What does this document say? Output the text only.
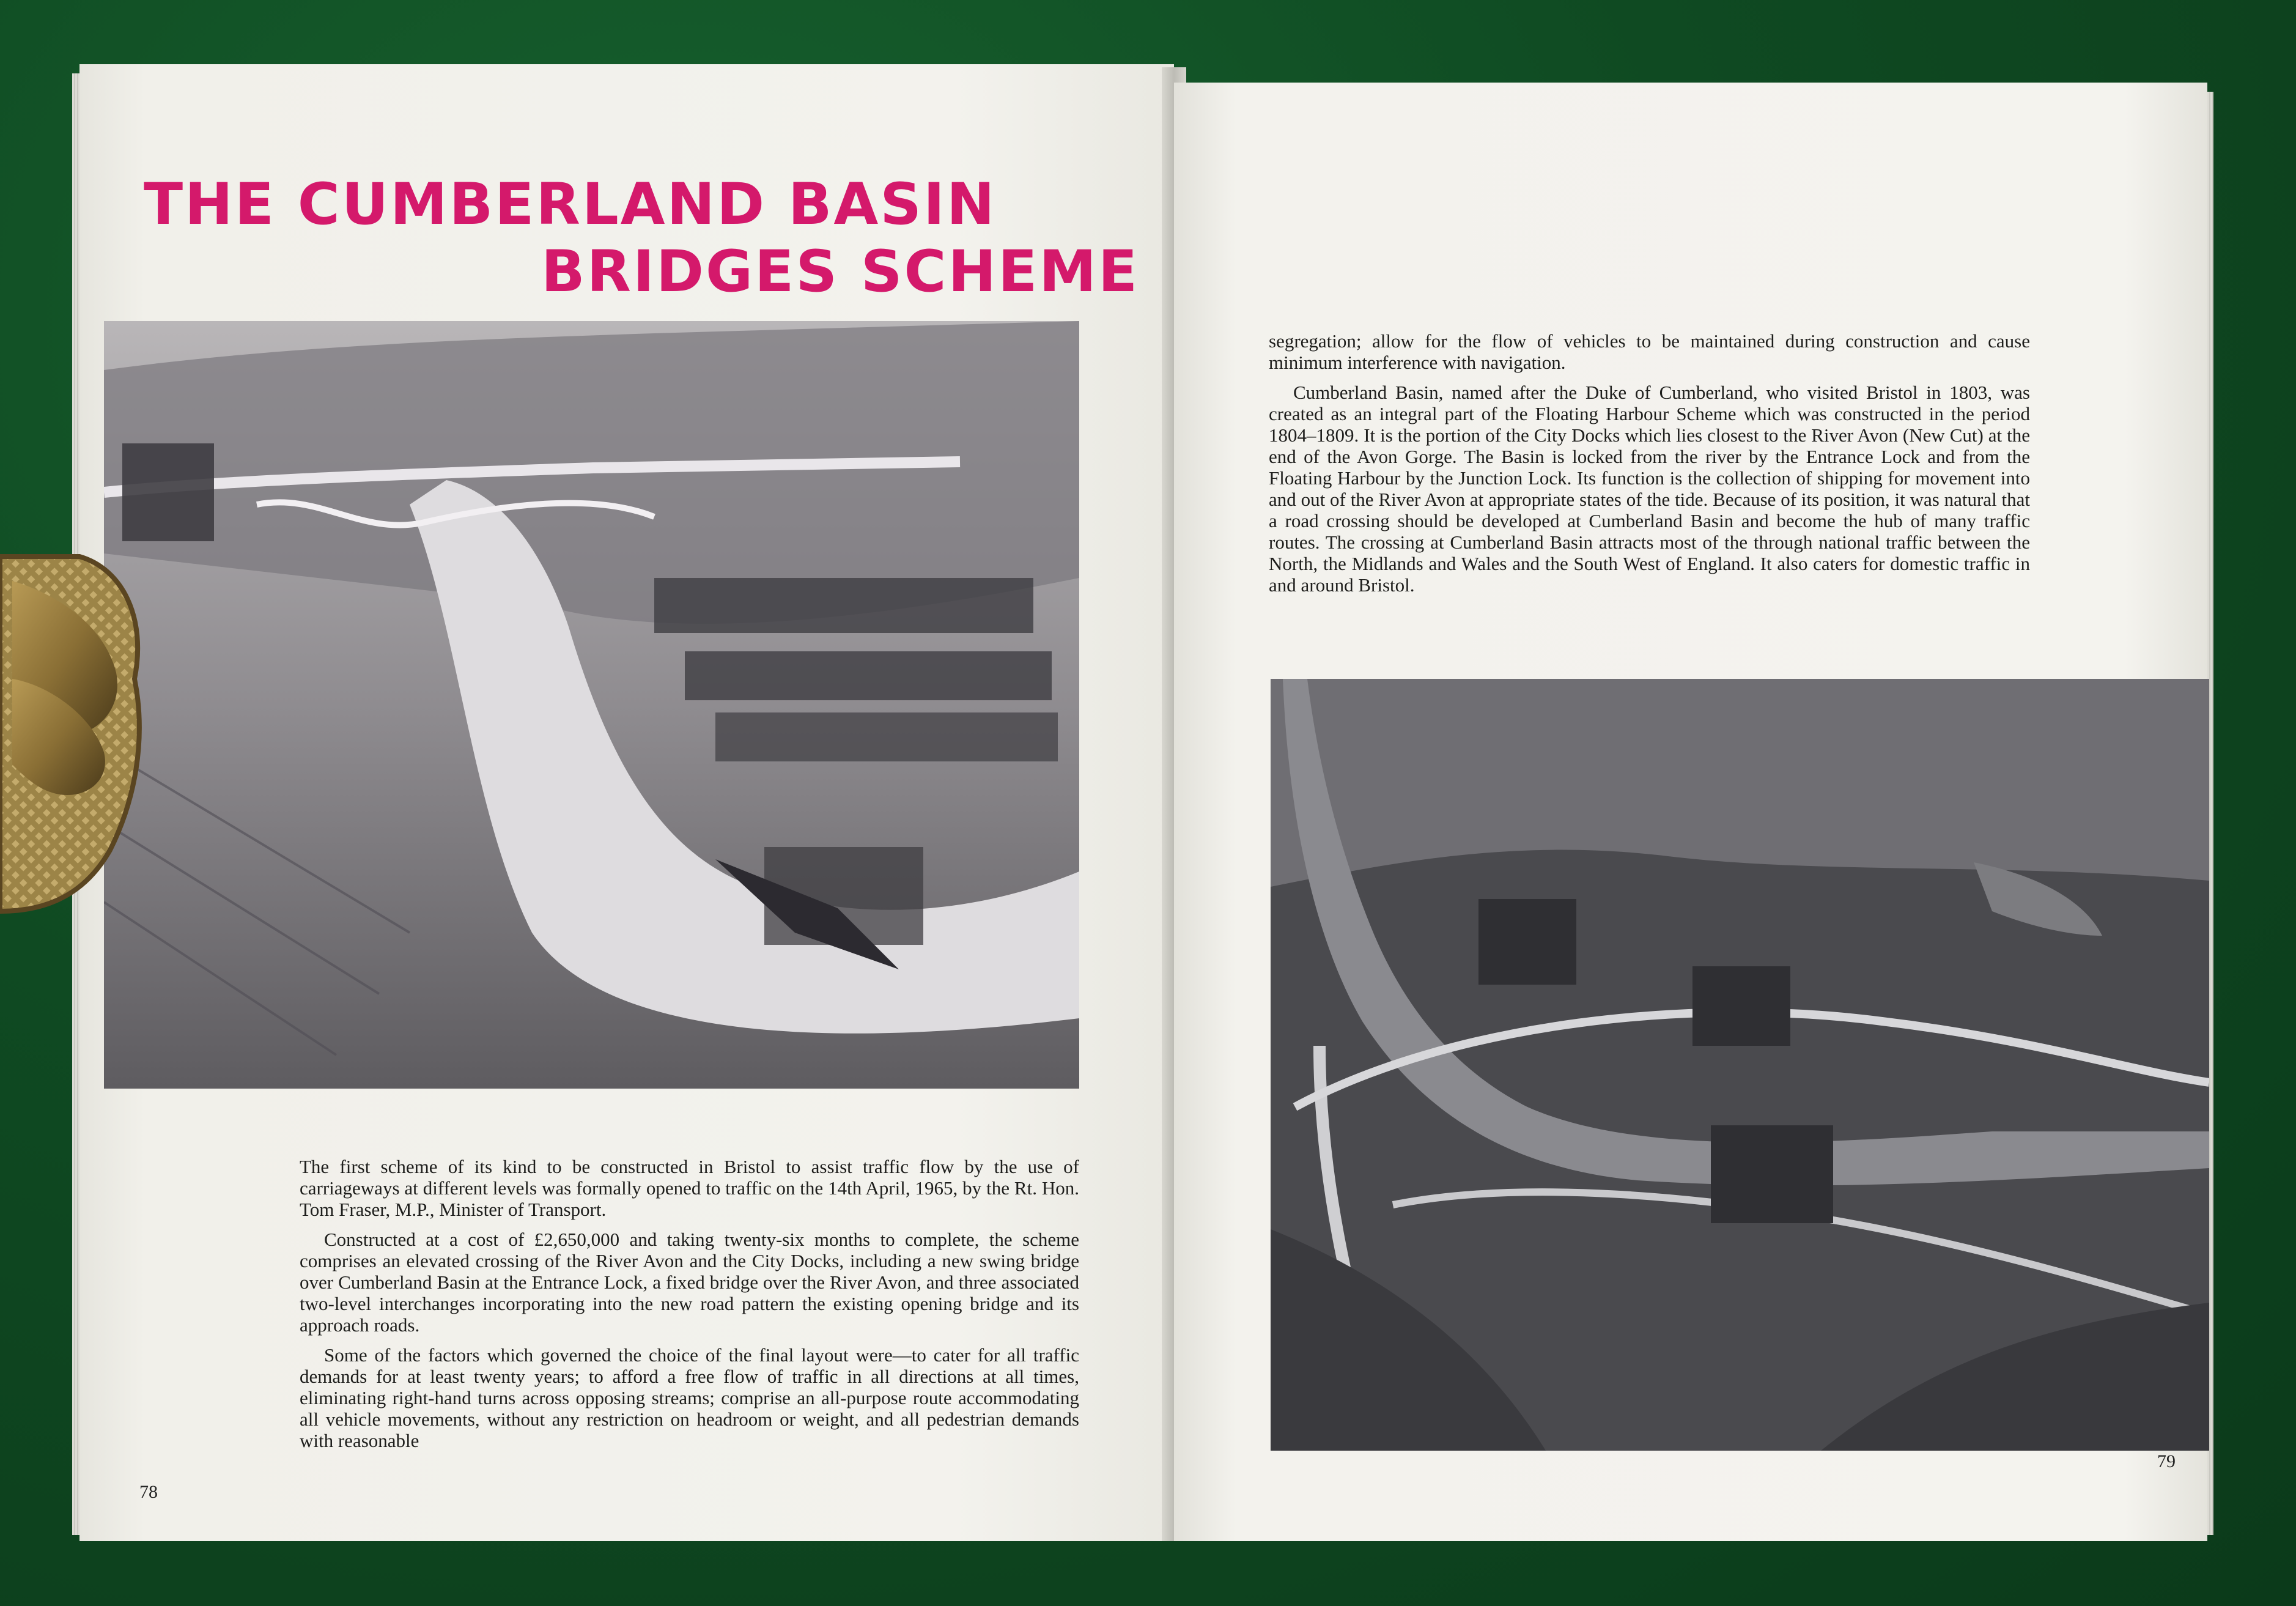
THE CUMBERLAND BASIN
BRIDGES SCHEME

The first scheme of its kind to be constructed in Bristol to assist traffic flow by the use of carriageways at different levels was formally opened to traffic on the 14th April, 1965, by the Rt. Hon. Tom Fraser, M.P., Minister of Transport.

Constructed at a cost of £2,650,000 and taking twenty-six months to complete, the scheme comprises an elevated crossing of the River Avon and the City Docks, including a new swing bridge over Cumberland Basin at the Entrance Lock, a fixed bridge over the River Avon, and three associated two-level interchanges incorporating into the new road pattern the existing opening bridge and its approach roads.

Some of the factors which governed the choice of the final layout were—to cater for all traffic demands for at least twenty years; to afford a free flow of traffic in all directions at all times, eliminating right-hand turns across opposing streams; comprise an all-purpose route accommodating all vehicle movements, without any restriction on headroom or weight, and all pedestrian demands with reasonable

78

segregation; allow for the flow of vehicles to be maintained during construction and cause minimum interference with navigation.

Cumberland Basin, named after the Duke of Cumberland, who visited Bristol in 1803, was created as an integral part of the Floating Harbour Scheme which was constructed in the period 1804–1809. It is the portion of the City Docks which lies closest to the River Avon (New Cut) at the end of the Avon Gorge. The Basin is locked from the river by the Entrance Lock and from the Floating Harbour by the Junction Lock. Its function is the collection of shipping for movement into and out of the River Avon at appropriate states of the tide. Because of its position, it was natural that a road crossing should be developed at Cumberland Basin and become the hub of many traffic routes. The crossing at Cumberland Basin attracts most of the through national traffic between the North, the Midlands and Wales and the South West of England. It also caters for domestic traffic in and around Bristol.

79
